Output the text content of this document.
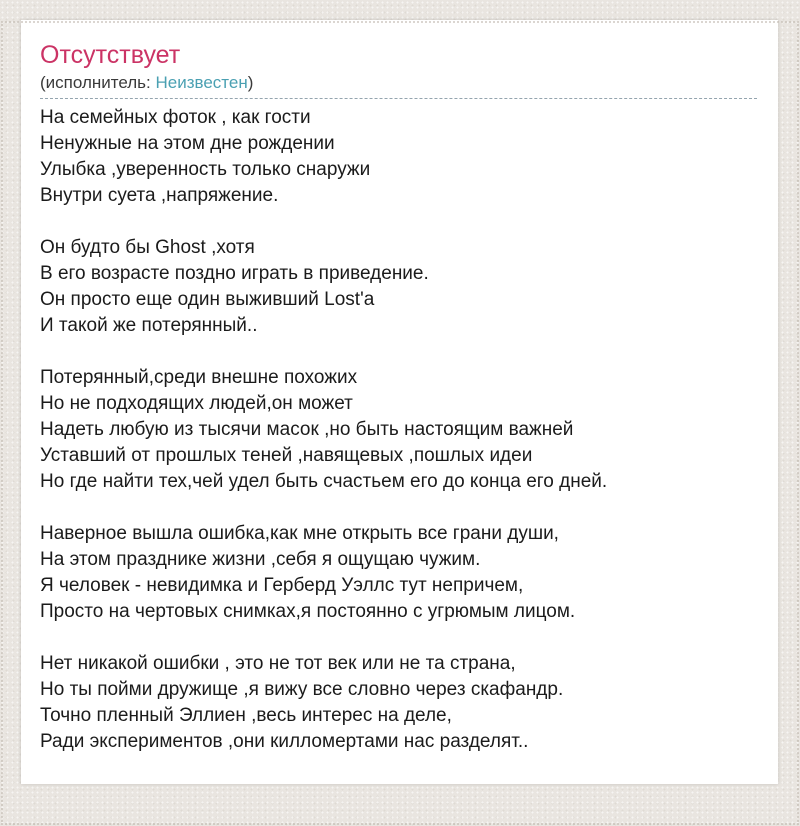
Отсутствует
(исполнитель: Неизвестен)
На семейных фоток , как гости
Ненужные на этом дне рождении
Улыбка ,уверенность только снаружи
Внутри суета ,напряжение.
Он будто бы Ghost ,хотя
В его возрасте поздно играть в приведение.
Он просто еще один выживший Lost'a
И такой же потерянный..
Потерянный,среди внешне похожих
Но не подходящих людей,он может
Надеть любую из тысячи масок ,но быть настоящим важней
Уставший от прошлых теней ,навящевых ,пошлых идеи
Но где найти тех,чей удел быть счастьем его до конца его дней.
Наверное вышла ошибка,как мне открыть все грани души,
На этом празднике жизни ,себя я ощущаю чужим.
Я человек - невидимка и Герберд Уэллс тут непричем,
Просто на чертовых снимках,я постоянно с угрюмым лицом.
Нет никакой ошибки , это не тот век или не та страна,
Но ты пойми дружище ,я вижу все словно через скафандр.
Точно пленный Эллиен ,весь интерес на деле,
Ради экспериментов ,они килломертами нас разделят..
